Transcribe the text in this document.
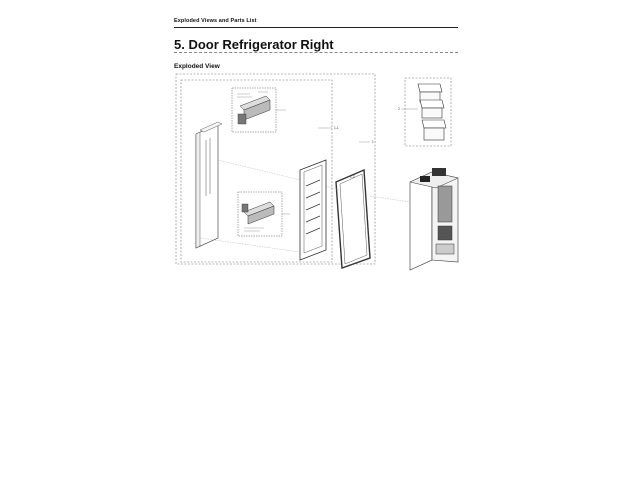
Exploded Views and Parts List
5. Door Refrigerator Right
Exploded View
1
1-1
1-2
2
